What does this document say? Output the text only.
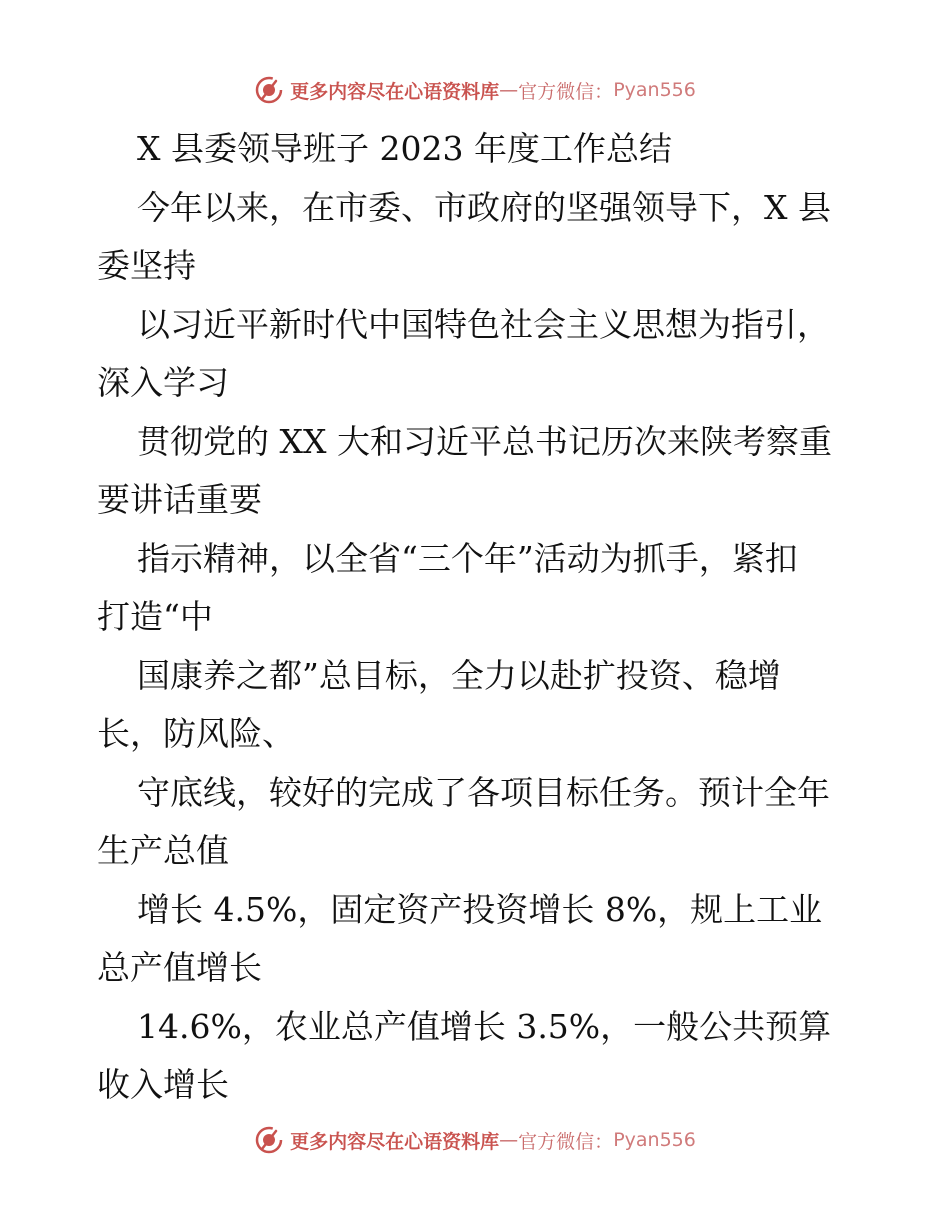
更多内容尽在心语资料库 — 官方微信： Pyan556
X 县委领导班子 2023 年度工作总结
今年以来，在市委、市政府的坚强领导下，X 县
委坚持
以习近平新时代中国特色社会主义思想为指引，
深入学习
贯彻党的 XX 大和习近平总书记历次来陕考察重
要讲话重要
指示精神，以全省“三个年”活动为抓手，紧扣
打造“中
国康养之都”总目标，全力以赴扩投资、稳增
长，防风险、
守底线，较好的完成了各项目标任务。预计全年
生产总值
增长 4.5%，固定资产投资增长 8%，规上工业
总产值增长
14.6%，农业总产值增长 3.5%，一般公共预算
收入增长
更多内容尽在心语资料库 — 官方微信： Pyan556
